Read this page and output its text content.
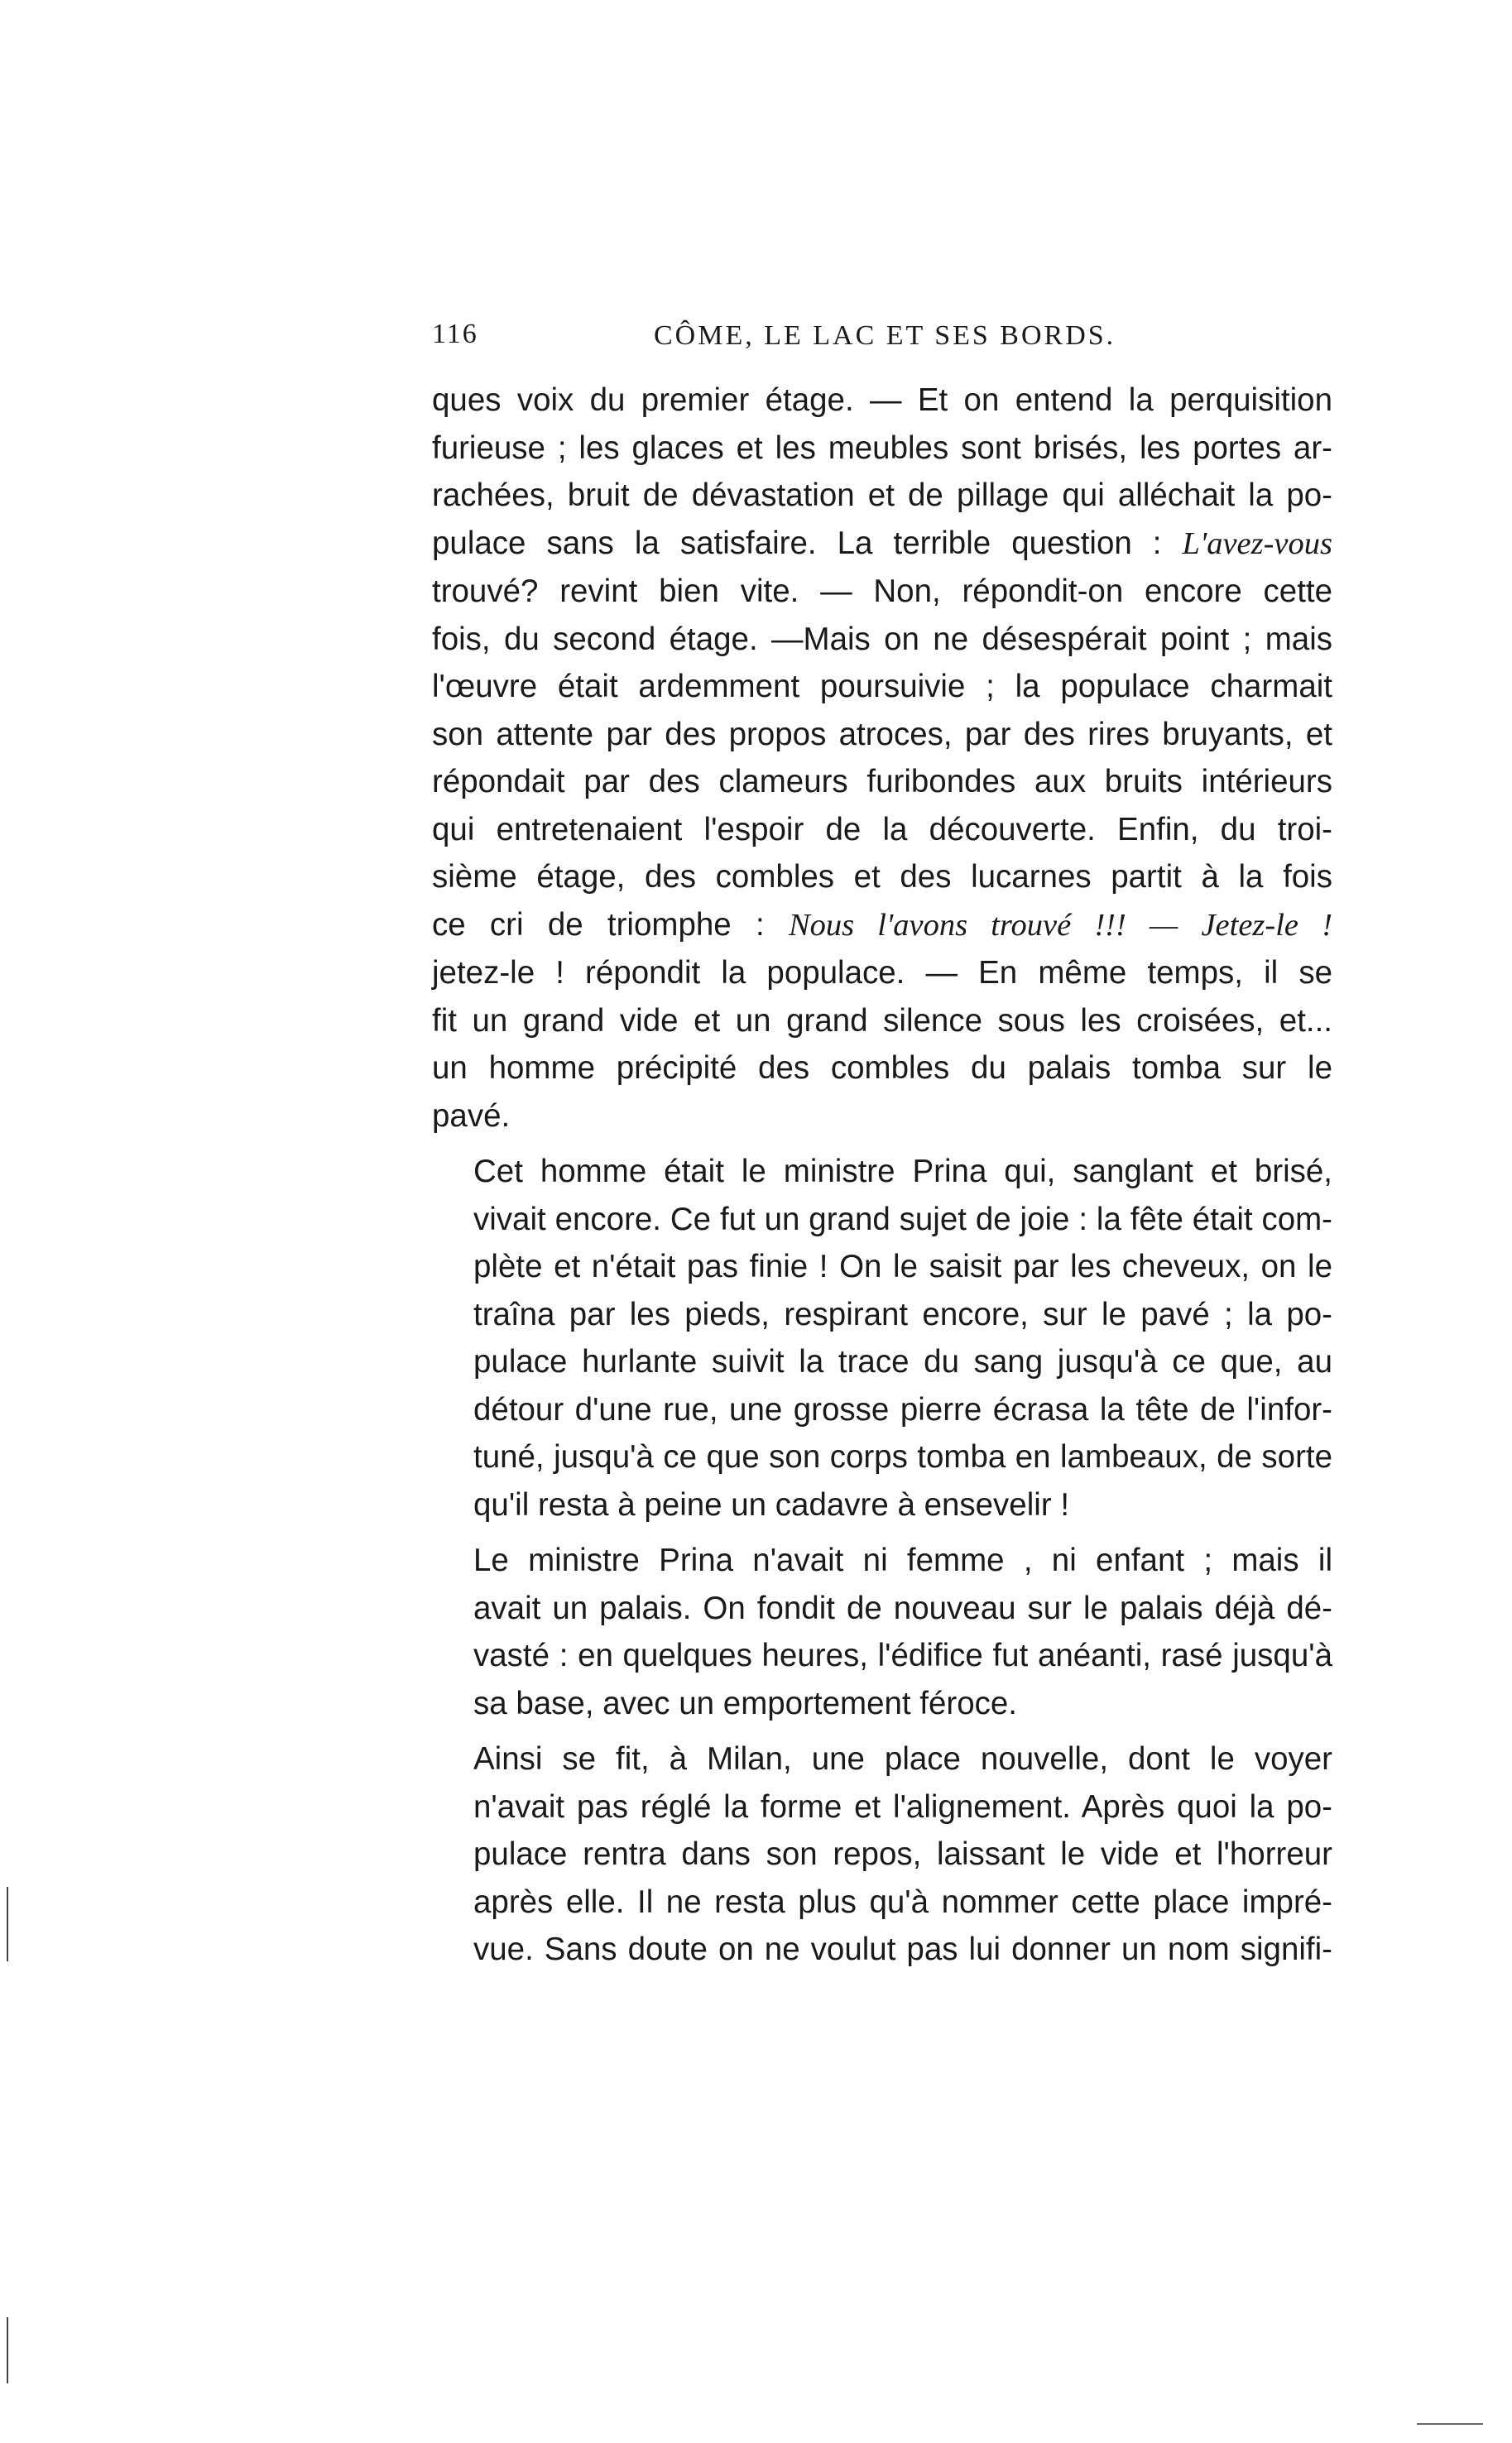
116	CÔME, LE LAC ET SES BORDS.

ques voix du premier étage. — Et on entend la perquisition
furieuse ; les glaces et les meubles sont brisés, les portes ar-
rachées, bruit de dévastation et de pillage qui alléchait la po-
pulace sans la satisfaire. La terrible question : L'avez-vous
trouvé? revint bien vite. — Non, répondit-on encore cette
fois, du second étage. —Mais on ne désespérait point ; mais
l'œuvre était ardemment poursuivie ; la populace charmait
son attente par des propos atroces, par des rires bruyants, et
répondait par des clameurs furibondes aux bruits intérieurs
qui entretenaient l'espoir de la découverte. Enfin, du troi-
sième étage, des combles et des lucarnes partit à la fois
ce cri de triomphe : Nous l'avons trouvé !!! — Jetez-le !
jetez-le ! répondit la populace. — En même temps, il se
fit un grand vide et un grand silence sous les croisées, et...
un homme précipité des combles du palais tomba sur le
pavé.

Cet homme était le ministre Prina qui, sanglant et brisé,
vivait encore. Ce fut un grand sujet de joie : la fête était com-
plète et n'était pas finie ! On le saisit par les cheveux, on le
traîna par les pieds, respirant encore, sur le pavé ; la po-
pulace hurlante suivit la trace du sang jusqu'à ce que, au
détour d'une rue, une grosse pierre écrasa la tête de l'infor-
tuné, jusqu'à ce que son corps tomba en lambeaux, de sorte
qu'il resta à peine un cadavre à ensevelir !

Le ministre Prina n'avait ni femme , ni enfant ; mais il
avait un palais. On fondit de nouveau sur le palais déjà dé-
vasté : en quelques heures, l'édifice fut anéanti, rasé jusqu'à
sa base, avec un emportement féroce.

Ainsi se fit, à Milan, une place nouvelle, dont le voyer
n'avait pas réglé la forme et l'alignement. Après quoi la po-
pulace rentra dans son repos, laissant le vide et l'horreur
après elle. Il ne resta plus qu'à nommer cette place impré-
vue. Sans doute on ne voulut pas lui donner un nom signifi-
